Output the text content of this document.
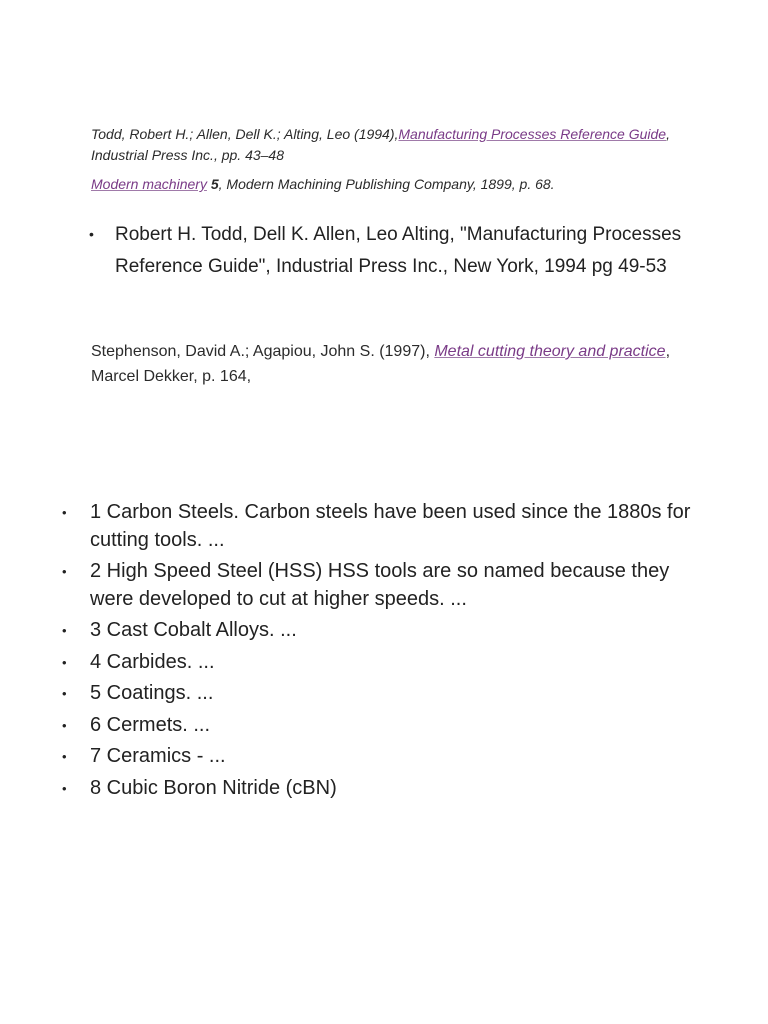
Todd, Robert H.; Allen, Dell K.; Alting, Leo (1994),Manufacturing Processes Reference Guide, Industrial Press Inc., pp. 43–48
Modern machinery 5, Modern Machining Publishing Company, 1899, p. 68.
• Robert H. Todd, Dell K. Allen, Leo Alting, "Manufacturing Processes Reference Guide", Industrial Press Inc., New York, 1994 pg 49-53
Stephenson, David A.; Agapiou, John S. (1997), Metal cutting theory and practice, Marcel Dekker, p. 164,
• 1 Carbon Steels. Carbon steels have been used since the 1880s for cutting tools. ...
• 2 High Speed Steel (HSS) HSS tools are so named because they were developed to cut at higher speeds. ...
• 3 Cast Cobalt Alloys. ...
• 4 Carbides. ...
• 5 Coatings. ...
• 6 Cermets. ...
• 7 Ceramics - ...
• 8 Cubic Boron Nitride (cBN)
